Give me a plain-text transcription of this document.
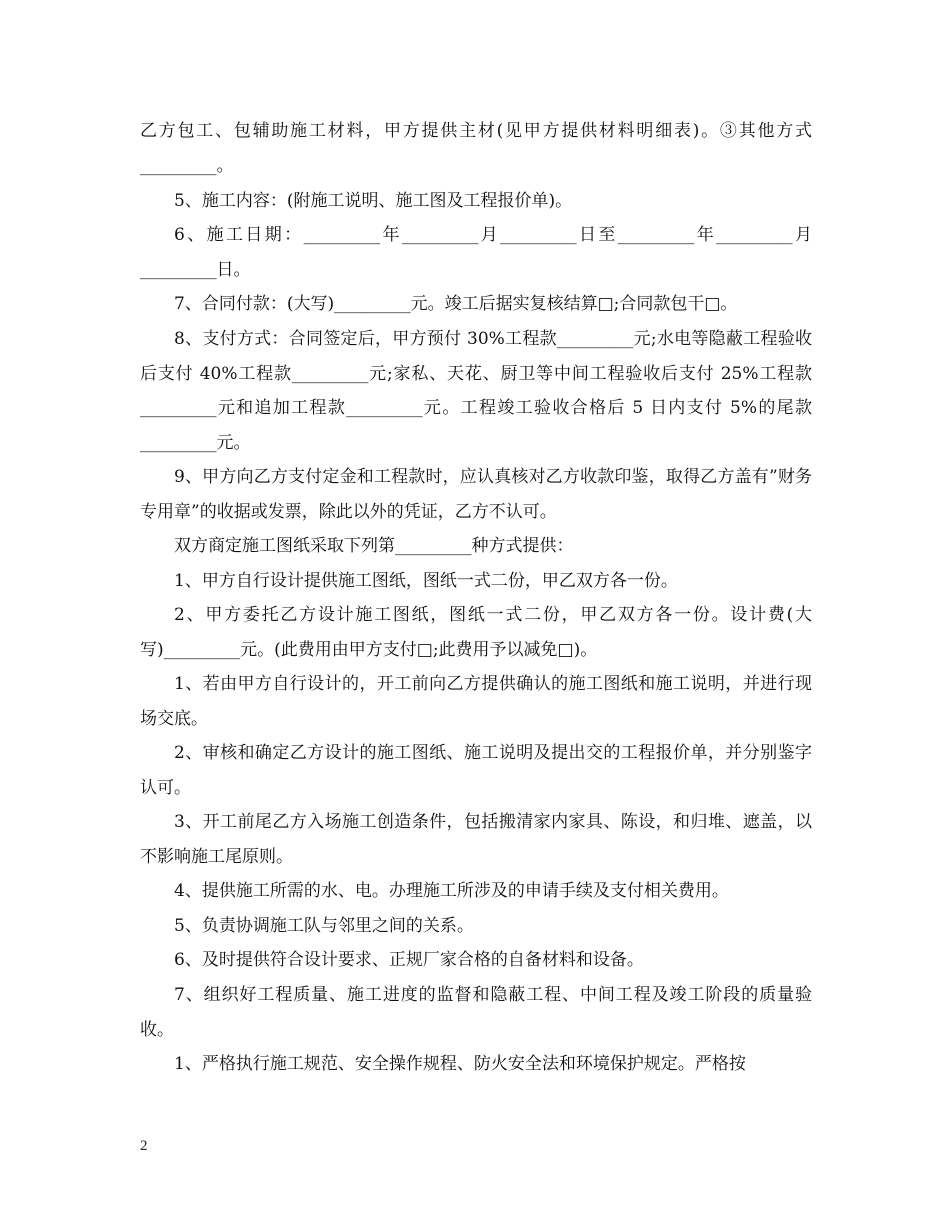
乙方包工、包辅助施工材料，甲方提供主材(见甲方提供材料明细表)。③其他方式_________。

5、施工内容：(附施工说明、施工图及工程报价单)。

6、施工日期：_________年_________月_________日至_________年_________月_________日。

7、合同付款：(大写)_________元。竣工后据实复核结算□;合同款包干□。

8、支付方式：合同签定后，甲方预付 30%工程款_________元;水电等隐蔽工程验收后支付 40%工程款_________元;家私、天花、厨卫等中间工程验收后支付 25%工程款_________元和追加工程款_________元。工程竣工验收合格后 5 日内支付 5%的尾款_________元。

9、甲方向乙方支付定金和工程款时，应认真核对乙方收款印鉴，取得乙方盖有”财务专用章”的收据或发票，除此以外的凭证，乙方不认可。

双方商定施工图纸采取下列第_________种方式提供：

1、甲方自行设计提供施工图纸，图纸一式二份，甲乙双方各一份。

2、甲方委托乙方设计施工图纸，图纸一式二份，甲乙双方各一份。设计费(大写)_________元。(此费用由甲方支付□;此费用予以减免□)。

1、若由甲方自行设计的，开工前向乙方提供确认的施工图纸和施工说明，并进行现场交底。

2、审核和确定乙方设计的施工图纸、施工说明及提出交的工程报价单，并分别鉴字认可。

3、开工前尾乙方入场施工创造条件，包括搬清家内家具、陈设，和归堆、遮盖，以不影响施工尾原则。

4、提供施工所需的水、电。办理施工所涉及的申请手续及支付相关费用。

5、负责协调施工队与邻里之间的关系。

6、及时提供符合设计要求、正规厂家合格的自备材料和设备。

7、组织好工程质量、施工进度的监督和隐蔽工程、中间工程及竣工阶段的质量验收。

1、严格执行施工规范、安全操作规程、防火安全法和环境保护规定。严格按

2
